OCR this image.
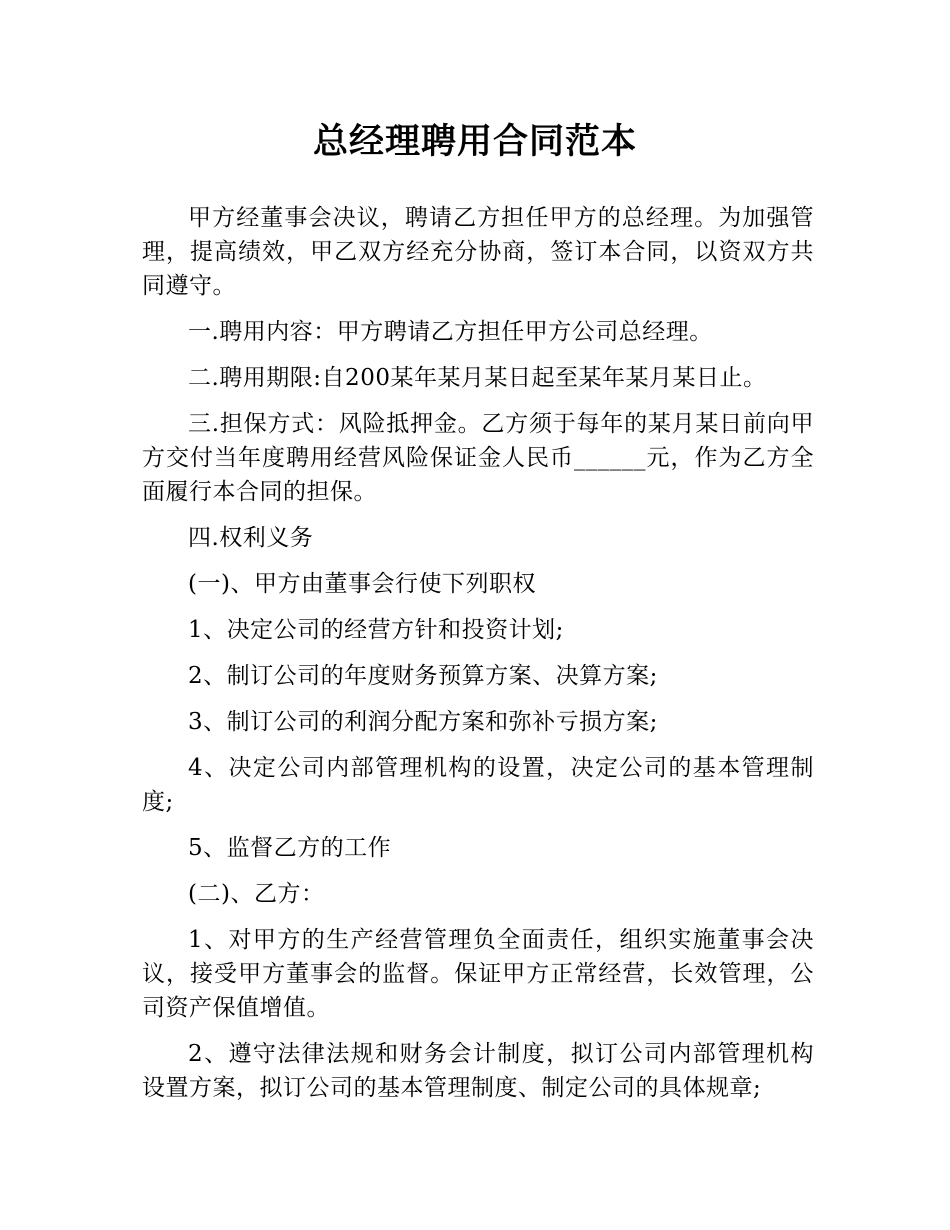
总经理聘用合同范本

甲方经董事会决议，聘请乙方担任甲方的总经理。为加强管理，提高绩效，甲乙双方经充分协商，签订本合同，以资双方共同遵守。

一.聘用内容：甲方聘请乙方担任甲方公司总经理。

二.聘用期限:自200某年某月某日起至某年某月某日止。

三.担保方式：风险抵押金。乙方须于每年的某月某日前向甲方交付当年度聘用经营风险保证金人民币______元，作为乙方全面履行本合同的担保。

四.权利义务

(一)、甲方由董事会行使下列职权

1、决定公司的经营方针和投资计划;

2、制订公司的年度财务预算方案、决算方案;

3、制订公司的利润分配方案和弥补亏损方案;

4、决定公司内部管理机构的设置，决定公司的基本管理制度;

5、监督乙方的工作

(二)、乙方：

1、对甲方的生产经营管理负全面责任，组织实施董事会决议，接受甲方董事会的监督。保证甲方正常经营，长效管理，公司资产保值增值。

2、遵守法律法规和财务会计制度，拟订公司内部管理机构设置方案，拟订公司的基本管理制度、制定公司的具体规章;
